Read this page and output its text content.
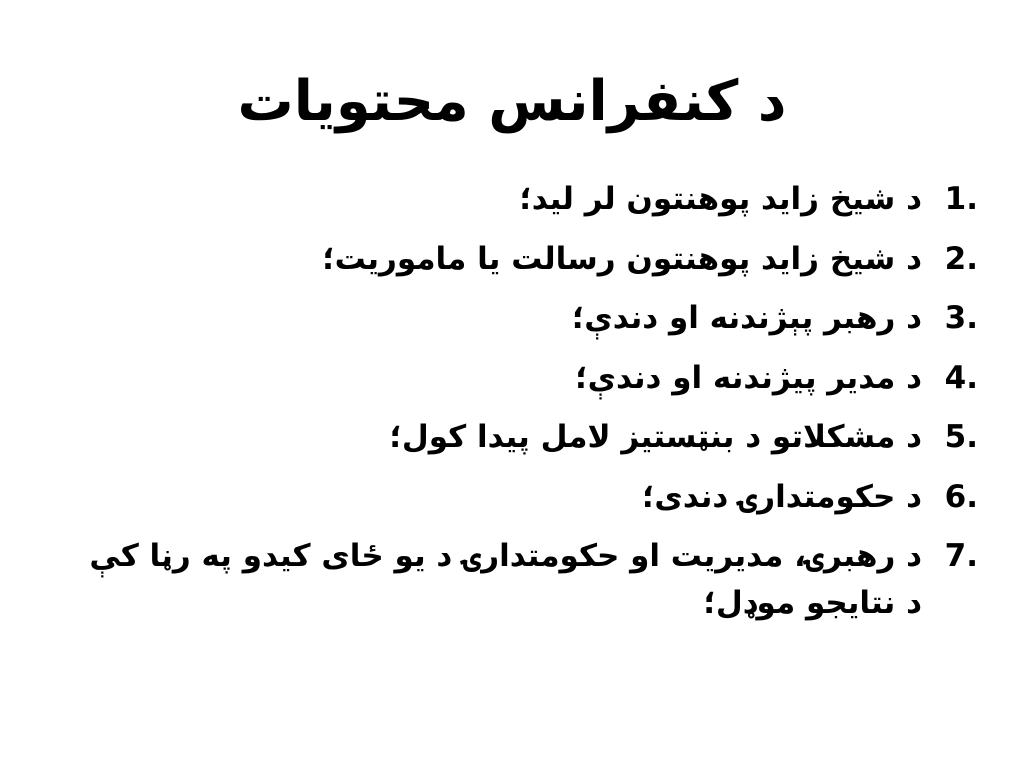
د کنفرانس محتویات
1.
د شیخ زاید پوهنتون لر لید؛
2.
د شیخ زاید پوهنتون رسالت یا ماموریت؛
3.
د رهبر پېژندنه او دندې؛
4.
د مدیر پیژندنه او دندې؛
5.
د مشکلاتو د بنټستیز لامل پیدا کول؛
6.
د حکومتدارۍ دندی؛
7.
د رهبرۍ، مدیریت او حکومتدارۍ د یو ځای کیدو په رڼا کې د نتایجو موډل؛
